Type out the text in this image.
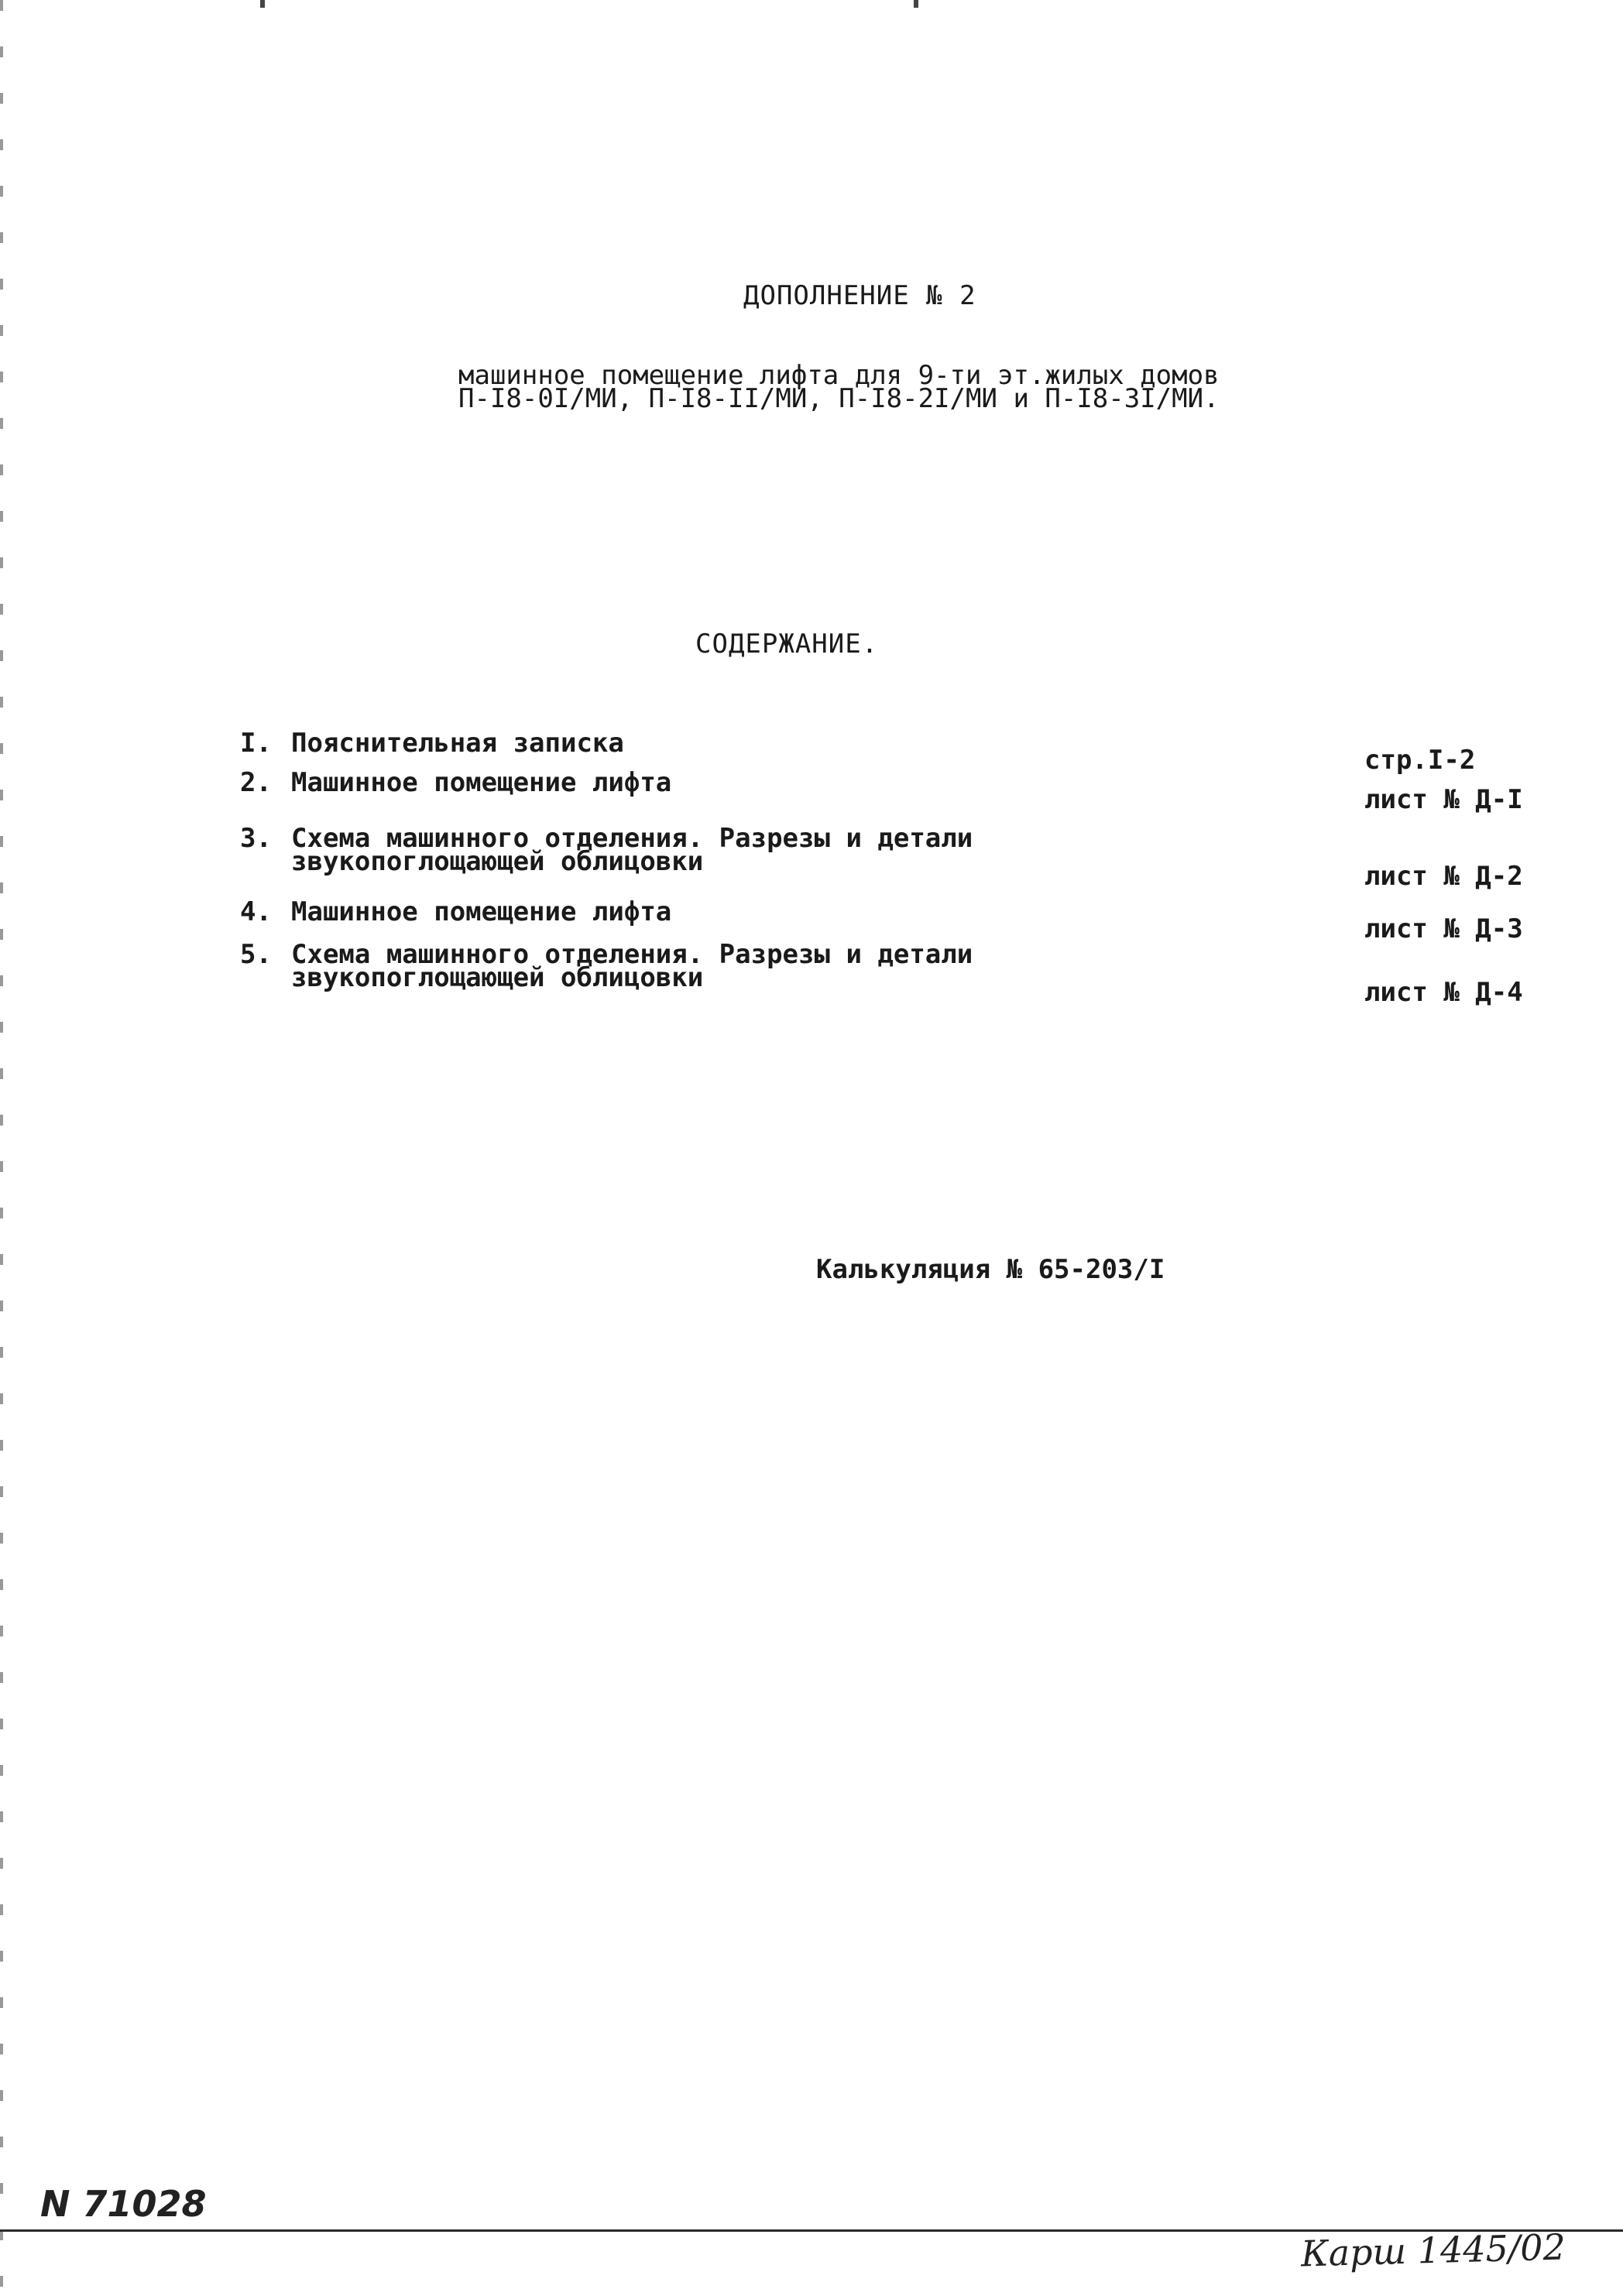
ДОПОЛНЕНИЕ № 2
машинное помещение лифта для 9-ти эт.жилых домов
П-I8-0I/МИ, П-I8-II/МИ, П-I8-2I/МИ и П-I8-3I/МИ.
СОДЕРЖАНИЕ.
I. Пояснительная записка
стр.I-2
2. Машинное помещение лифта
лист № Д-I
3. Схема машинного отделения. Разрезы и детали
звукопоглощающей облицовки	лист № Д-2
4. Машинное помещение лифта
лист № Д-3
5. Схема машинного отделения. Разрезы и детали
звукопоглощающей облицовки	лист № Д-4
Калькуляция № 65-203/I
N 71028
Карш 1445/02
